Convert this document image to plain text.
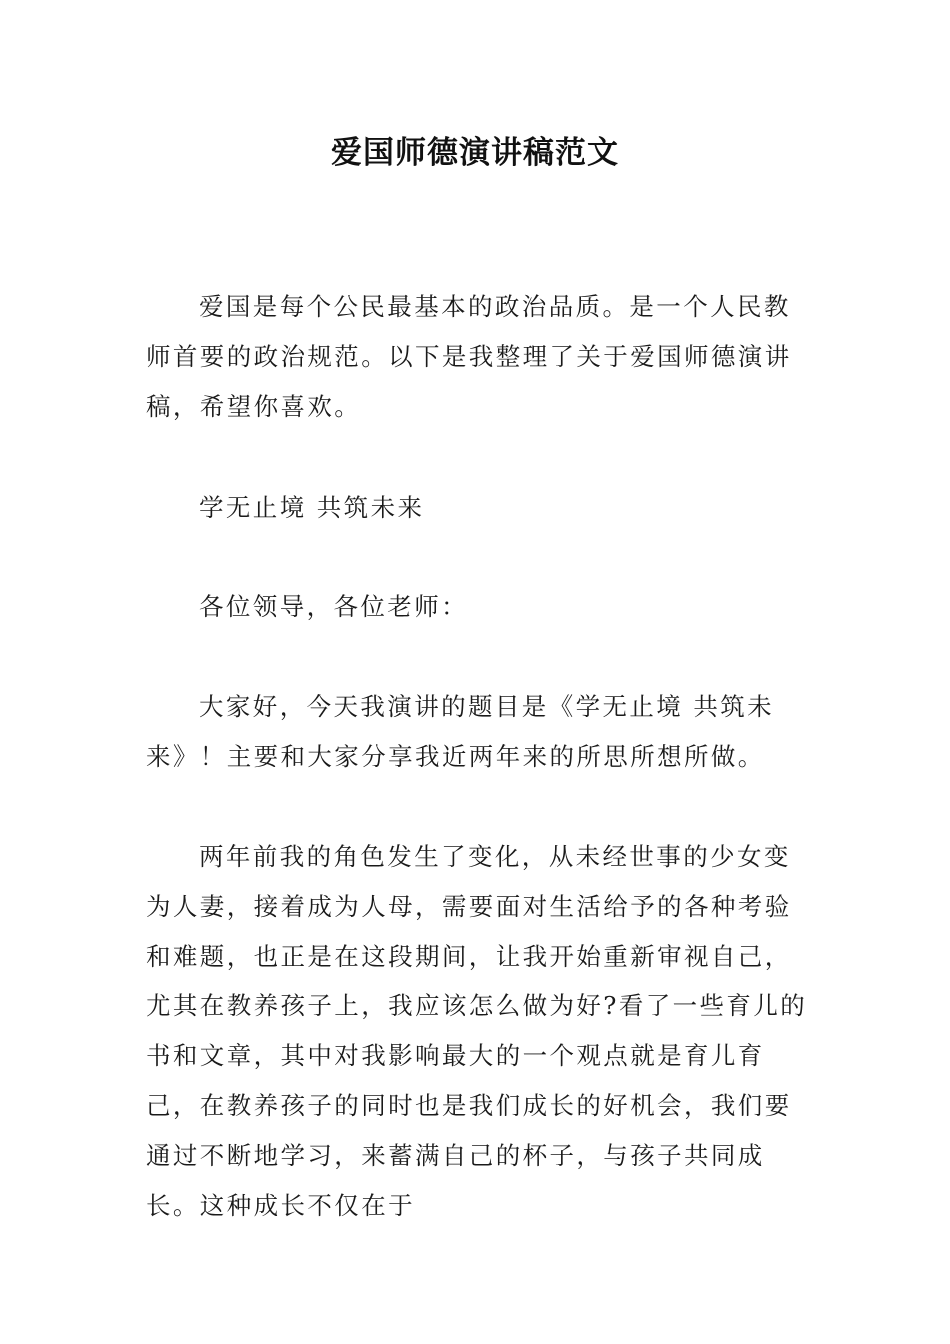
爱国师德演讲稿范文

爱国是每个公民最基本的政治品质。是一个人民教师首要的政治规范。以下是我整理了关于爱国师德演讲稿，希望你喜欢。

学无止境 共筑未来

各位领导，各位老师：

大家好，今天我演讲的题目是《学无止境 共筑未来》！主要和大家分享我近两年来的所思所想所做。

两年前我的角色发生了变化，从未经世事的少女变为人妻，接着成为人母，需要面对生活给予的各种考验和难题，也正是在这段期间，让我开始重新审视自己，尤其在教养孩子上，我应该怎么做为好?看了一些育儿的书和文章，其中对我影响最大的一个观点就是育儿育己，在教养孩子的同时也是我们成长的好机会，我们要通过不断地学习，来蓄满自己的杯子，与孩子共同成长。这种成长不仅在于
